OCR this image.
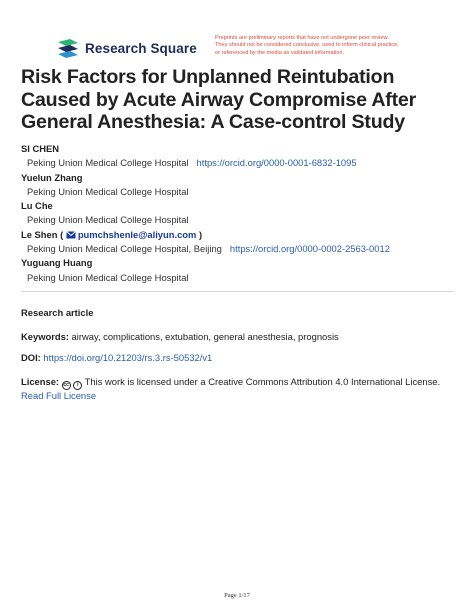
Research Square
Preprints are preliminary reports that have not undergone peer review.
They should not be considered conclusive, used to inform clinical practice,
or referenced by the media as validated information.
Risk Factors for Unplanned Reintubation Caused by Acute Airway Compromise After General Anesthesia: A Case-control Study
SI CHEN
Peking Union Medical College Hospital https://orcid.org/0000-0001-6832-1095
Yuelun Zhang
Peking Union Medical College Hospital
Lu Che
Peking Union Medical College Hospital
Le Shen ( pumchshenle@aliyun.com )
Peking Union Medical College Hospital, Beijing https://orcid.org/0000-0002-2563-0012
Yuguang Huang
Peking Union Medical College Hospital
Research article
Keywords: airway, complications, extubation, general anesthesia, prognosis
DOI: https://doi.org/10.21203/rs.3.rs-50532/v1
License: cc i This work is licensed under a Creative Commons Attribution 4.0 International License.
Read Full License
Page 1/17
